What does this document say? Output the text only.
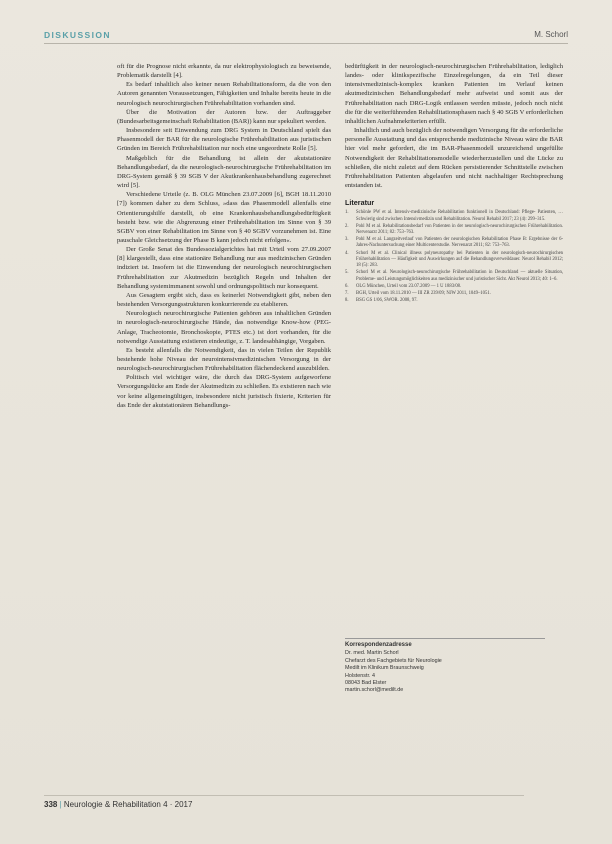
DISKUSSION	M. Schorl

oft für die Prognose nicht erkannte, da nur elektrophysiologisch zu beweisende, Problematik darstellt [4].

Es bedarf inhaltlich also keiner neuen Rehabilitationsform, da die von den Autoren genannten Voraussetzungen, Fähigkeiten und Inhalte bereits heute in die neurologisch neurochirurgischen Frührehabilitation vorhanden sind.

Über die Motivation der Autoren bzw. der Auftraggeber (Bundesarbeitsgemeinschaft Rehabilitation (BAR)) kann nur spekuliert werden.

Insbesondere seit Einwendung zum DRG System in Deutschland spielt das Phasenmodell der BAR für die neurologische Frührehabilitation aus juristischen Gründen im Bereich Frührehabilitation nur noch eine ungeordnete Rolle [5].

Maßgeblich für die Behandlung ist allein der akutstationäre Behandlungsbedarf, da die neurologisch-neurochirurgische Frührehabilitation im DRG-System gemäß § 39 SGB V der Akutkrankenhausbehandlung zugerechnet wird [5].

Verschiedene Urteile (z. B. OLG München 23.07.2009 [6], BGH 18.11.2010 [7]) kommen daher zu dem Schluss, »dass das Phasenmodell allenfalls eine Orientierungshilfe darstellt, ob eine Krankenhausbehandlungsbedürftigkeit besteht bzw. wie die Abgrenzung einer Frührehabilitation im Sinne von § 39 SGBV von einer Rehabilitation im Sinne von § 40 SGBV vorzunehmen ist. Eine pauschale Gleichsetzung der Phase B kann jedoch nicht erfolgen«.

Der Große Senat des Bundessozialgerichtes hat mit Urteil vom 27.09.2007 [8] klargestellt, dass eine stationäre Behandlung nur aus medizinischen Gründen indiziert ist. Insofern ist die Einwendung der neurologisch neurochirurgischen Frührehabilitation zur Akutmedizin bezüglich Regeln und Inhalten der Behandlung systemimmanent sowohl und ordnungspolitisch nur konsequent.

Aus Gesagtem ergibt sich, dass es keinerlei Notwendigkeit gibt, neben den bestehenden Versorgungsstrukturen konkurrierende zu etablieren.

Neurologisch neurochirurgische Patienten gehören aus inhaltlichen Gründen in neurologisch-neurochirurgische Hände, das notwendige Know-how (PEG-Anlage, Tracheotomie, Bronchoskopie, PTES etc.) ist dort vorhanden, für die notwendige Ausstattung existieren eindeutige, z. T. landesabhängige, Vorgaben.

Es besteht allenfalls die Notwendigkeit, das in vielen Teilen der Republik bestehende hohe Niveau der neurointensivmedizinischen Versorgung in der neurologisch-neurochirurgischen Frührehabilitation flächendeckend auszubilden.

Politisch viel wichtiger wäre, die durch das DRG-System aufgeworfene Versorgungslücke am Ende der Akutmedizin zu schließen. Es existieren nach wie vor keine allgemeingültigen, insbesondere nicht juristisch fixierte, Kriterien für das Ende der akutstationären Behandlungs-

bedürftigkeit in der neurologisch-neurochirurgischen Frührehabilitation, lediglich landes- oder klinikspezifische Einzelregelungen, da ein Teil dieser intensivmedizinisch-komplex kranken Patienten im Verlauf keinen akutmedizinischen Behandlungsbedarf mehr aufweist und somit aus der Frührehabilitation nach DRG-Logik entlassen werden müsste, jedoch noch nicht die für die weiterführenden Rehabilitationsphasen nach § 40 SGB V erforderlichen inhaltlichen Aufnahmekriterien erfüllt.

Inhaltlich und auch bezüglich der notwendigen Versorgung für die erforderliche personelle Ausstattung und das entsprechende medizinische Niveau wäre die BAR hier viel mehr gefordert, die im BAR-Phasenmodell unzureichend ungefüllte Notwendigkeit der Rehabilitationsmodelle wiederherzustellen und die Lücke zu schließen, die nicht zuletzt auf dem Rücken persistierender Schnittstelle zwischen Frührehabilitation Patienten abgelaufen und nicht nachhaltiger Rechtsprechung entstanden ist.

Literatur
1. Schönle PW et al. Intensiv-medizinische Rehabilitation funktionell in Deutschland: Pflege- Patienten, … Schwierig sind zwischen Intensivmedizin und Rehabilitation. Neurol Rehabil 2017; 23 (4): 299–315.
2. Pohl M et al. Rehabilitationsbedarf von Patienten in der neurologisch-neurochirurgischen Frührehabilitation. Nervenarzt 2011; 82: 753–763.
3. Pohl M et al. Langzeitverlauf von Patienten der neurologischen Rehabilitation Phase B: Ergebnisse der 6-Jahres-Nachuntersuchung einer Multicenterstudie. Nervenarzt 2011; 82: 753–763.
4. Schorl M et al. Clinical illness polyneuropathy bei Patienten in der neurologisch-neurochirurgischen Frührehabilitation — Häufigkeit und Auswirkungen auf die Behandlungsverweildauer. Neurol Rehabil 2012; 18 (5): 283.
5. Schorl M et al. Neurologisch-neurochirurgische Frührehabilitation in Deutschland — aktuelle Situation, Probleme- und Leistungsmöglichkeiten aus medizinischer und juristischer Sicht. Akt Neurol 2013; 40: 1–6.
6. OLG München, Urteil vom 23.07.2009 — 1 U 1883/08.
7. BGH, Urteil vom 18.11.2010 — III ZR 239/09; NJW 2011, 1049–1051.
8. BSG GS 1/06, SWOR. 2008, 97.
Korrespondenzadresse
Dr. med. Martin Schorl
Chefarzt des Fachgebiets für Neurologie
Medilt im Klinikum Braunschweig
Holstenstr. 4
08043 Bad Elster
martin.schorl@medilt.de
338 | Neurologie & Rehabilitation 4 · 2017
